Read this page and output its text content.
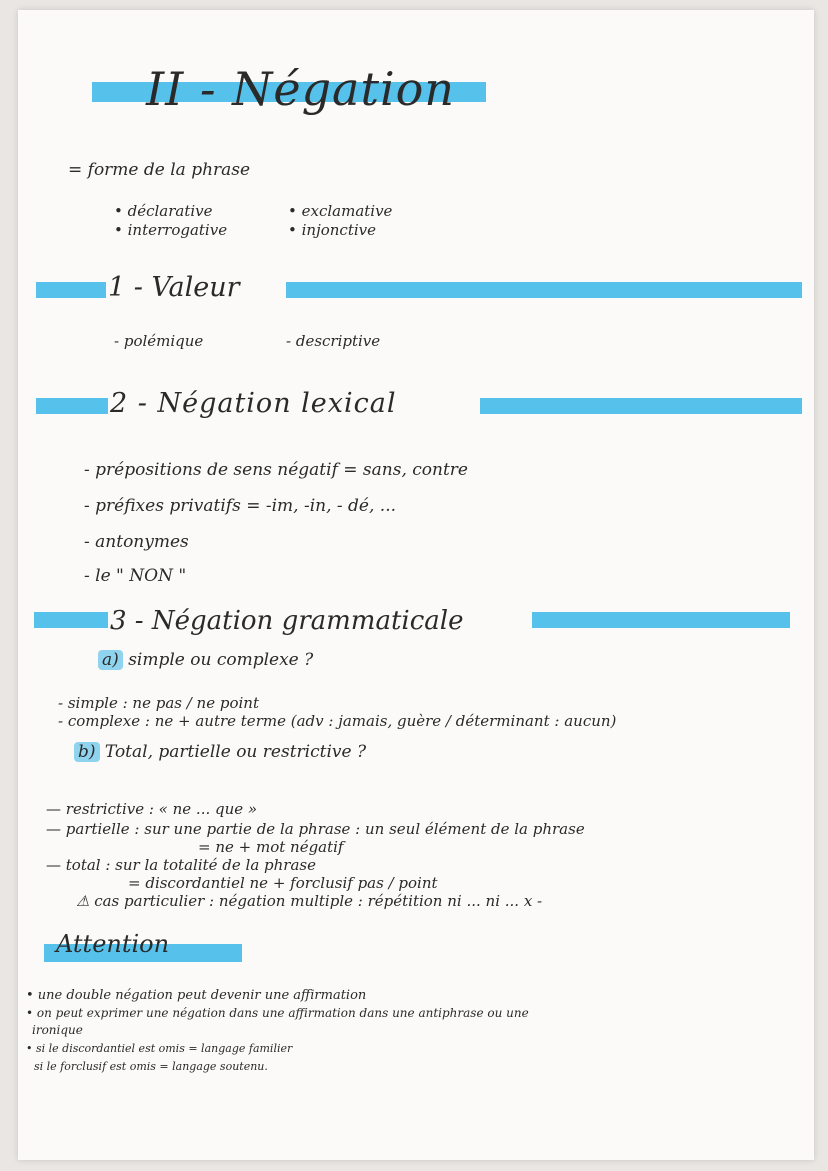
II - Négation
= forme de la phrase
• déclarative
• interrogative
• exclamative
• injonctive
1 - Valeur
- polémique	- descriptive
2 - Négation lexical
- prépositions de sens négatif = sans, contre
- préfixes privatifs = -im, -in, - dé, ...
- antonymes
- le " NON "
3 - Négation grammaticale
a) simple ou complexe ?
- simple : ne pas / ne point
- complexe : ne + autre terme (adv : jamais, guère / déterminant : aucun)
b) Total, partielle ou restrictive ?
— restrictive : « ne ... que »
— partielle : sur une partie de la phrase : un seul élément de la phrase
= ne + mot négatif
— total : sur la totalité de la phrase
= discordantiel ne + forclusif pas / point
⚠ cas particulier : négation multiple : répétition ni ... ni ... x -
Attention
• une double négation peut devenir une affirmation
• on peut exprimer une négation dans une affirmation dans une antiphrase ou une
ironique
• si le discordantiel est omis = langage familier
si le forclusif est omis = langage soutenu.
